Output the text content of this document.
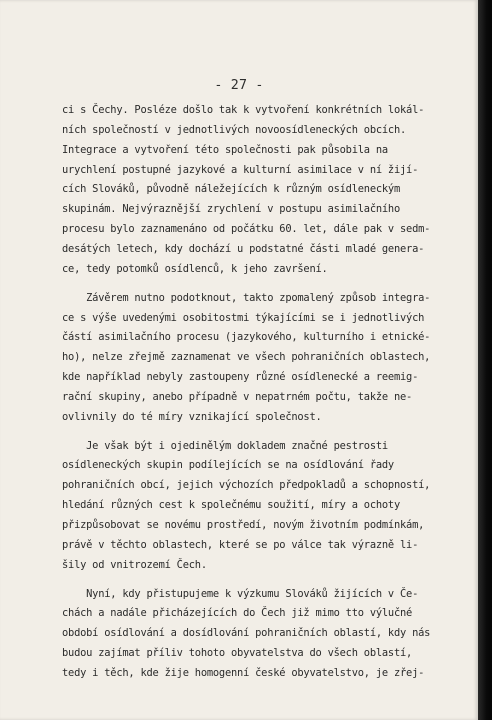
- 27 -
ci s Čechy. Posléze došlo tak k vytvoření konkrétních lokál-
ních společností v jednotlivých novoosídleneckých obcích.
Integrace a vytvoření této společnosti pak působila na
urychlení postupné jazykové a kulturní asimilace v ní žijí-
cích Slováků, původně náležejících k různým osídleneckým
skupinám. Nejvýraznější zrychlení v postupu asimilačního
procesu bylo zaznamenáno od počátku 60. let, dále pak v sedm-
desátých letech, kdy dochází u podstatné části mladé genera-
ce, tedy potomků osídlenců, k jeho završení.
Závěrem nutno podotknout, takto zpomalený způsob integra-
ce s výše uvedenými osobitostmi týkajícími se i jednotlivých
částí asimilačního procesu (jazykového, kulturního i etnické-
ho), nelze zřejmě zaznamenat ve všech pohraničních oblastech,
kde například nebyly zastoupeny různé osídlenecké a reemig-
rační skupiny, anebo případně v nepatrném počtu, takže ne-
ovlivnily do té míry vznikající společnost.
Je však být i ojedinělým dokladem značné pestrosti
osídleneckých skupin podílejících se na osídlování řady
pohraničních obcí, jejich výchozích předpokladů a schopností,
hledání různých cest k společnému soužití, míry a ochoty
přizpůsobovat se novému prostředí, novým životním podmínkám,
právě v těchto oblastech, které se po válce tak výrazně li-
šily od vnitrozemí Čech.
Nyní, kdy přistupujeme k výzkumu Slováků žijících v Če-
chách a nadále přicházejících do Čech již mimo tto výlučné
období osídlování a dosídlování pohraničních oblastí, kdy nás
budou zajímat příliv tohoto obyvatelstva do všech oblastí,
tedy i těch, kde žije homogenní české obyvatelstvo, je zřej-
